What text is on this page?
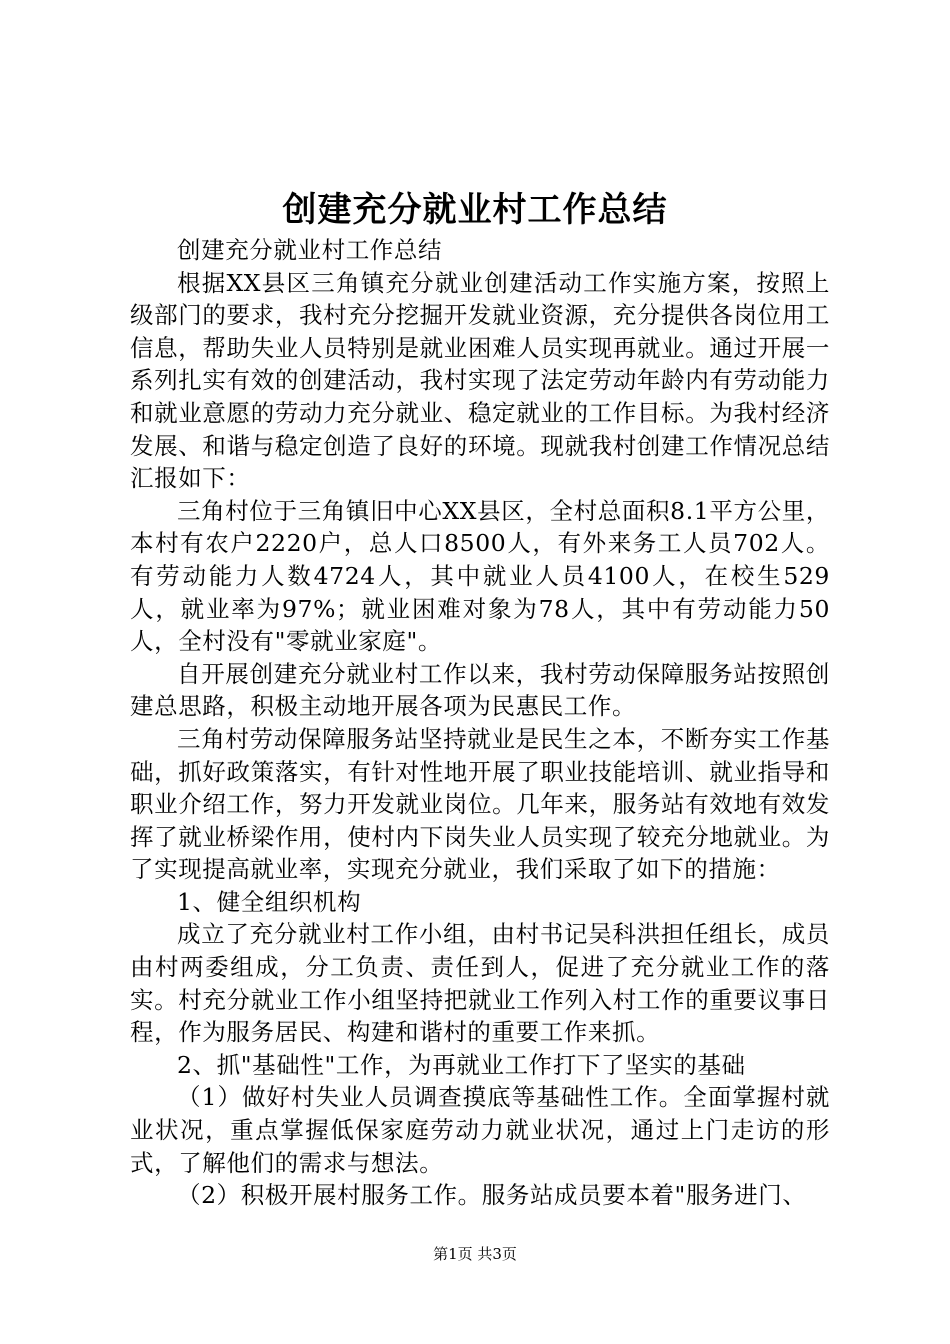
创建充分就业村工作总结

创建充分就业村工作总结

根据XX县区三角镇充分就业创建活动工作实施方案，按照上级部门的要求，我村充分挖掘开发就业资源，充分提供各岗位用工信息，帮助失业人员特别是就业困难人员实现再就业。通过开展一系列扎实有效的创建活动，我村实现了法定劳动年龄内有劳动能力和就业意愿的劳动力充分就业、稳定就业的工作目标。为我村经济发展、和谐与稳定创造了良好的环境。现就我村创建工作情况总结汇报如下：

三角村位于三角镇旧中心XX县区，全村总面积8.1平方公里，本村有农户2220户，总人口8500人，有外来务工人员702人。有劳动能力人数4724人，其中就业人员4100人，在校生529人，就业率为97%；就业困难对象为78人，其中有劳动能力50人，全村没有"零就业家庭"。

自开展创建充分就业村工作以来，我村劳动保障服务站按照创建总思路，积极主动地开展各项为民惠民工作。

三角村劳动保障服务站坚持就业是民生之本，不断夯实工作基础，抓好政策落实，有针对性地开展了职业技能培训、就业指导和职业介绍工作，努力开发就业岗位。几年来，服务站有效地有效发挥了就业桥梁作用，使村内下岗失业人员实现了较充分地就业。为了实现提高就业率，实现充分就业，我们采取了如下的措施：

1、健全组织机构

成立了充分就业村工作小组，由村书记吴科洪担任组长，成员由村两委组成，分工负责、责任到人，促进了充分就业工作的落实。村充分就业工作小组坚持把就业工作列入村工作的重要议事日程，作为服务居民、构建和谐村的重要工作来抓。

2、抓"基础性"工作，为再就业工作打下了坚实的基础

（1）做好村失业人员调查摸底等基础性工作。全面掌握村就业状况，重点掌握低保家庭劳动力就业状况，通过上门走访的形式，了解他们的需求与想法。

（2）积极开展村服务工作。服务站成员要本着"服务进门、

第1页 共3页
